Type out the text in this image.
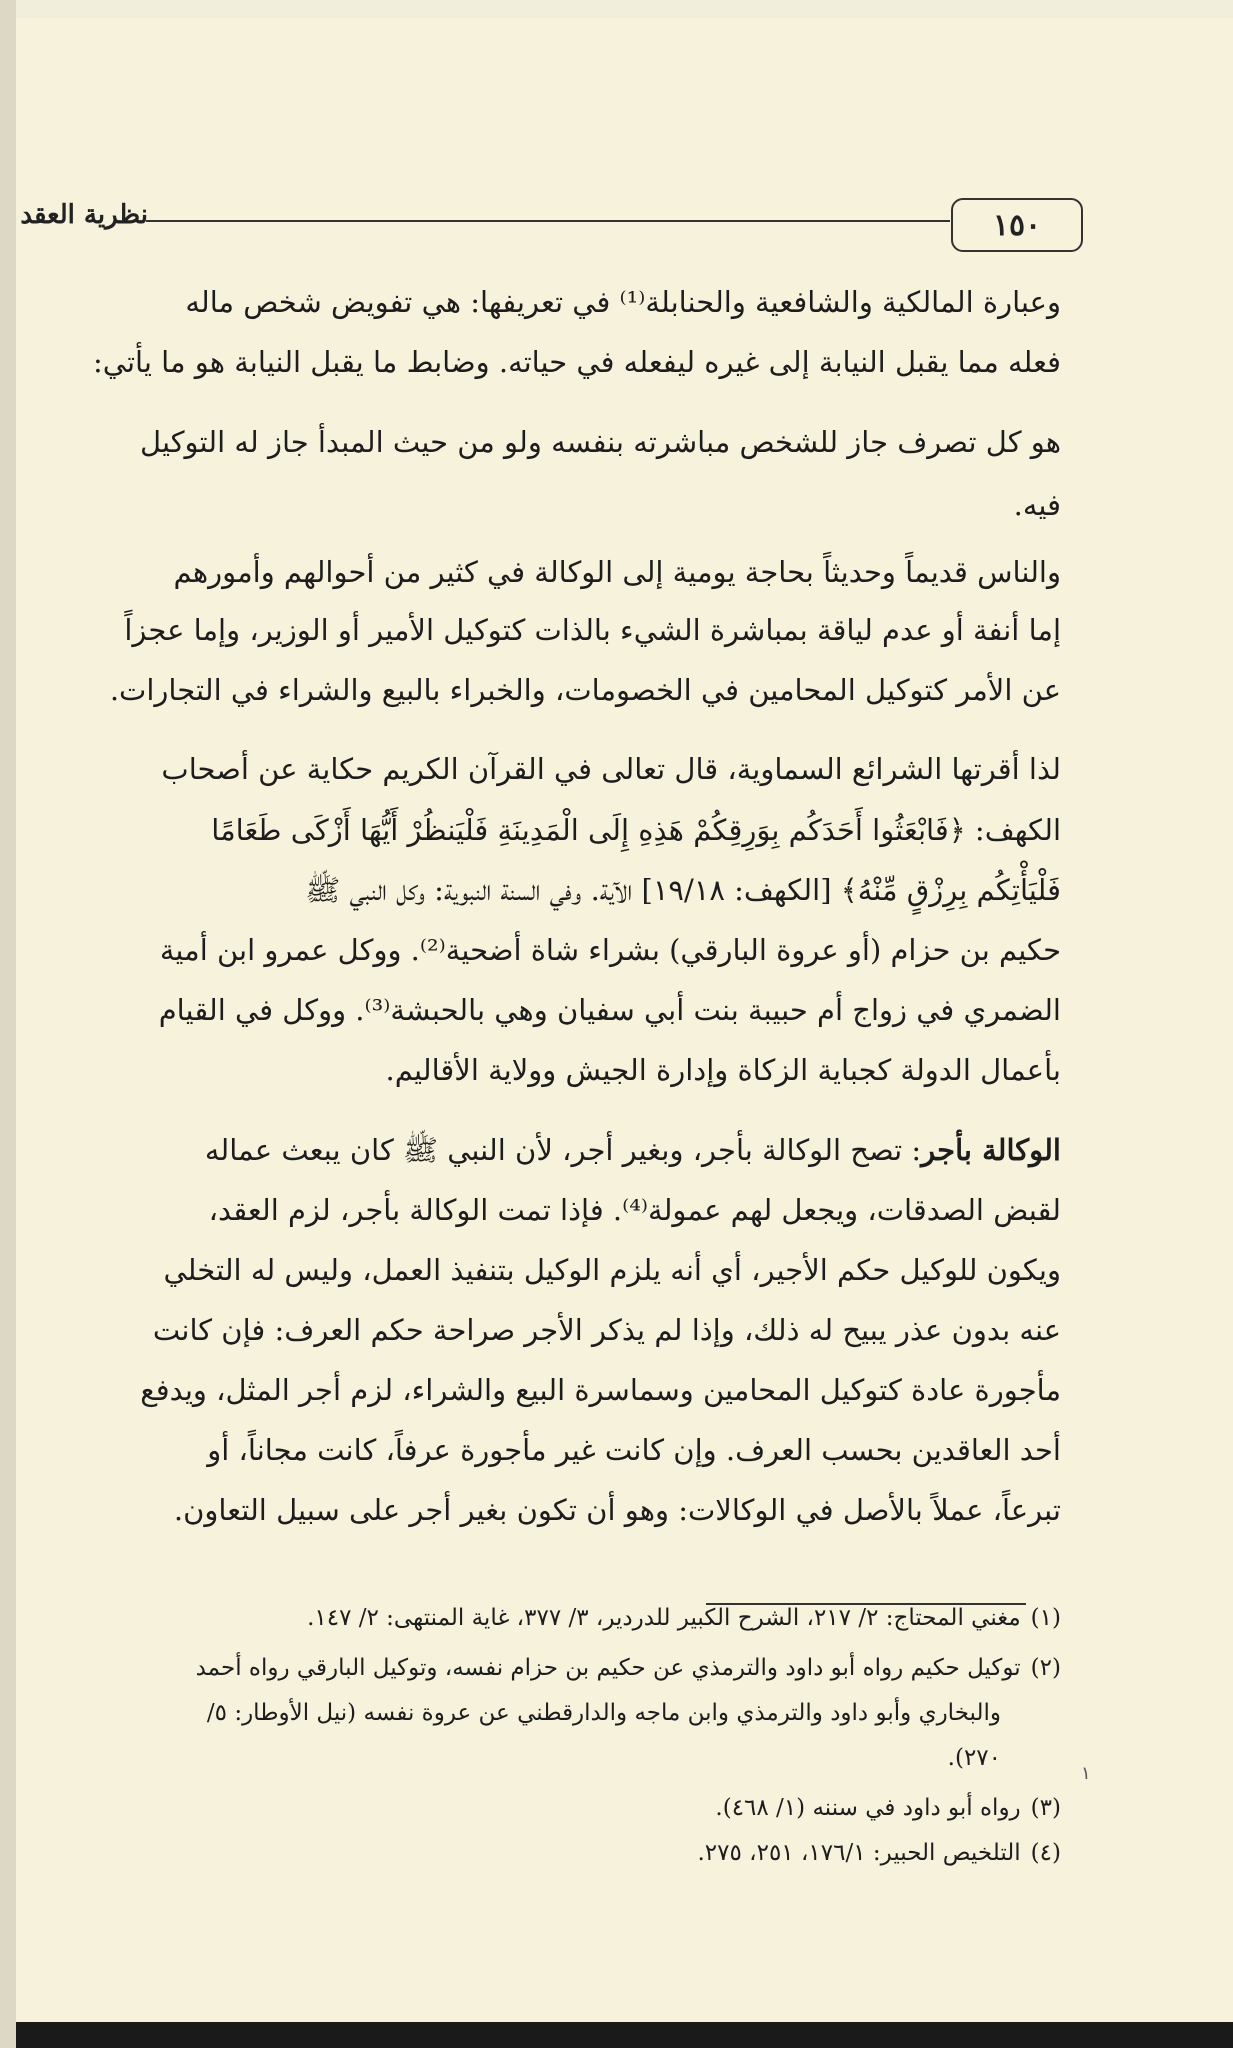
١٥٠
نظرية العقد
وعبارة المالكية والشافعية والحنابلة⁽¹⁾ في تعريفها: هي تفويض شخص ماله
فعله مما يقبل النيابة إلى غيره ليفعله في حياته. وضابط ما يقبل النيابة هو ما يأتي:
هو كل تصرف جاز للشخص مباشرته بنفسه ولو من حيث المبدأ جاز له التوكيل
فيه.
والناس قديماً وحديثاً بحاجة يومية إلى الوكالة في كثير من أحوالهم وأمورهم
إما أنفة أو عدم لياقة بمباشرة الشيء بالذات كتوكيل الأمير أو الوزير، وإما عجزاً
عن الأمر كتوكيل المحامين في الخصومات، والخبراء بالبيع والشراء في التجارات.
لذا أقرتها الشرائع السماوية، قال تعالى في القرآن الكريم حكاية عن أصحاب
الكهف: ﴿فَابْعَثُوا أَحَدَكُم بِوَرِقِكُمْ هَذِهِ إِلَى الْمَدِينَةِ فَلْيَنظُرْ أَيُّهَا أَزْكَى طَعَامًا
فَلْيَأْتِكُم بِرِزْقٍ مِّنْهُ﴾ [الكهف: ١٩/١٨] الآية. وفي السنة النبوية: وكل النبي ﷺ
حكيم بن حزام (أو عروة البارقي) بشراء شاة أضحية⁽²⁾. ووكل عمرو ابن أمية
الضمري في زواج أم حبيبة بنت أبي سفيان وهي بالحبشة⁽³⁾. ووكل في القيام
بأعمال الدولة كجباية الزكاة وإدارة الجيش وولاية الأقاليم.
الوكالة بأجر: تصح الوكالة بأجر، وبغير أجر، لأن النبي ﷺ كان يبعث عماله
لقبض الصدقات، ويجعل لهم عمولة⁽⁴⁾. فإذا تمت الوكالة بأجر، لزم العقد،
ويكون للوكيل حكم الأجير، أي أنه يلزم الوكيل بتنفيذ العمل، وليس له التخلي
عنه بدون عذر يبيح له ذلك، وإذا لم يذكر الأجر صراحة حكم العرف: فإن كانت
مأجورة عادة كتوكيل المحامين وسماسرة البيع والشراء، لزم أجر المثل، ويدفع
أحد العاقدين بحسب العرف. وإن كانت غير مأجورة عرفاً، كانت مجاناً، أو
تبرعاً، عملاً بالأصل في الوكالات: وهو أن تكون بغير أجر على سبيل التعاون.
(١)مغني المحتاج: ٢/ ٢١٧، الشرح الكبير للدردير، ٣/ ٣٧٧، غاية المنتهى: ٢/ ١٤٧.
(٢)توكيل حكيم رواه أبو داود والترمذي عن حكيم بن حزام نفسه، وتوكيل البارقي رواه أحمد
والبخاري وأبو داود والترمذي وابن ماجه والدارقطني عن عروة نفسه (نيل الأوطار: ٥/
٢٧٠).
(٣)رواه أبو داود في سننه (١/ ٤٦٨).
(٤)التلخيص الحبير: ١٧٦/١، ٢٥١، ٢٧٥.
١
